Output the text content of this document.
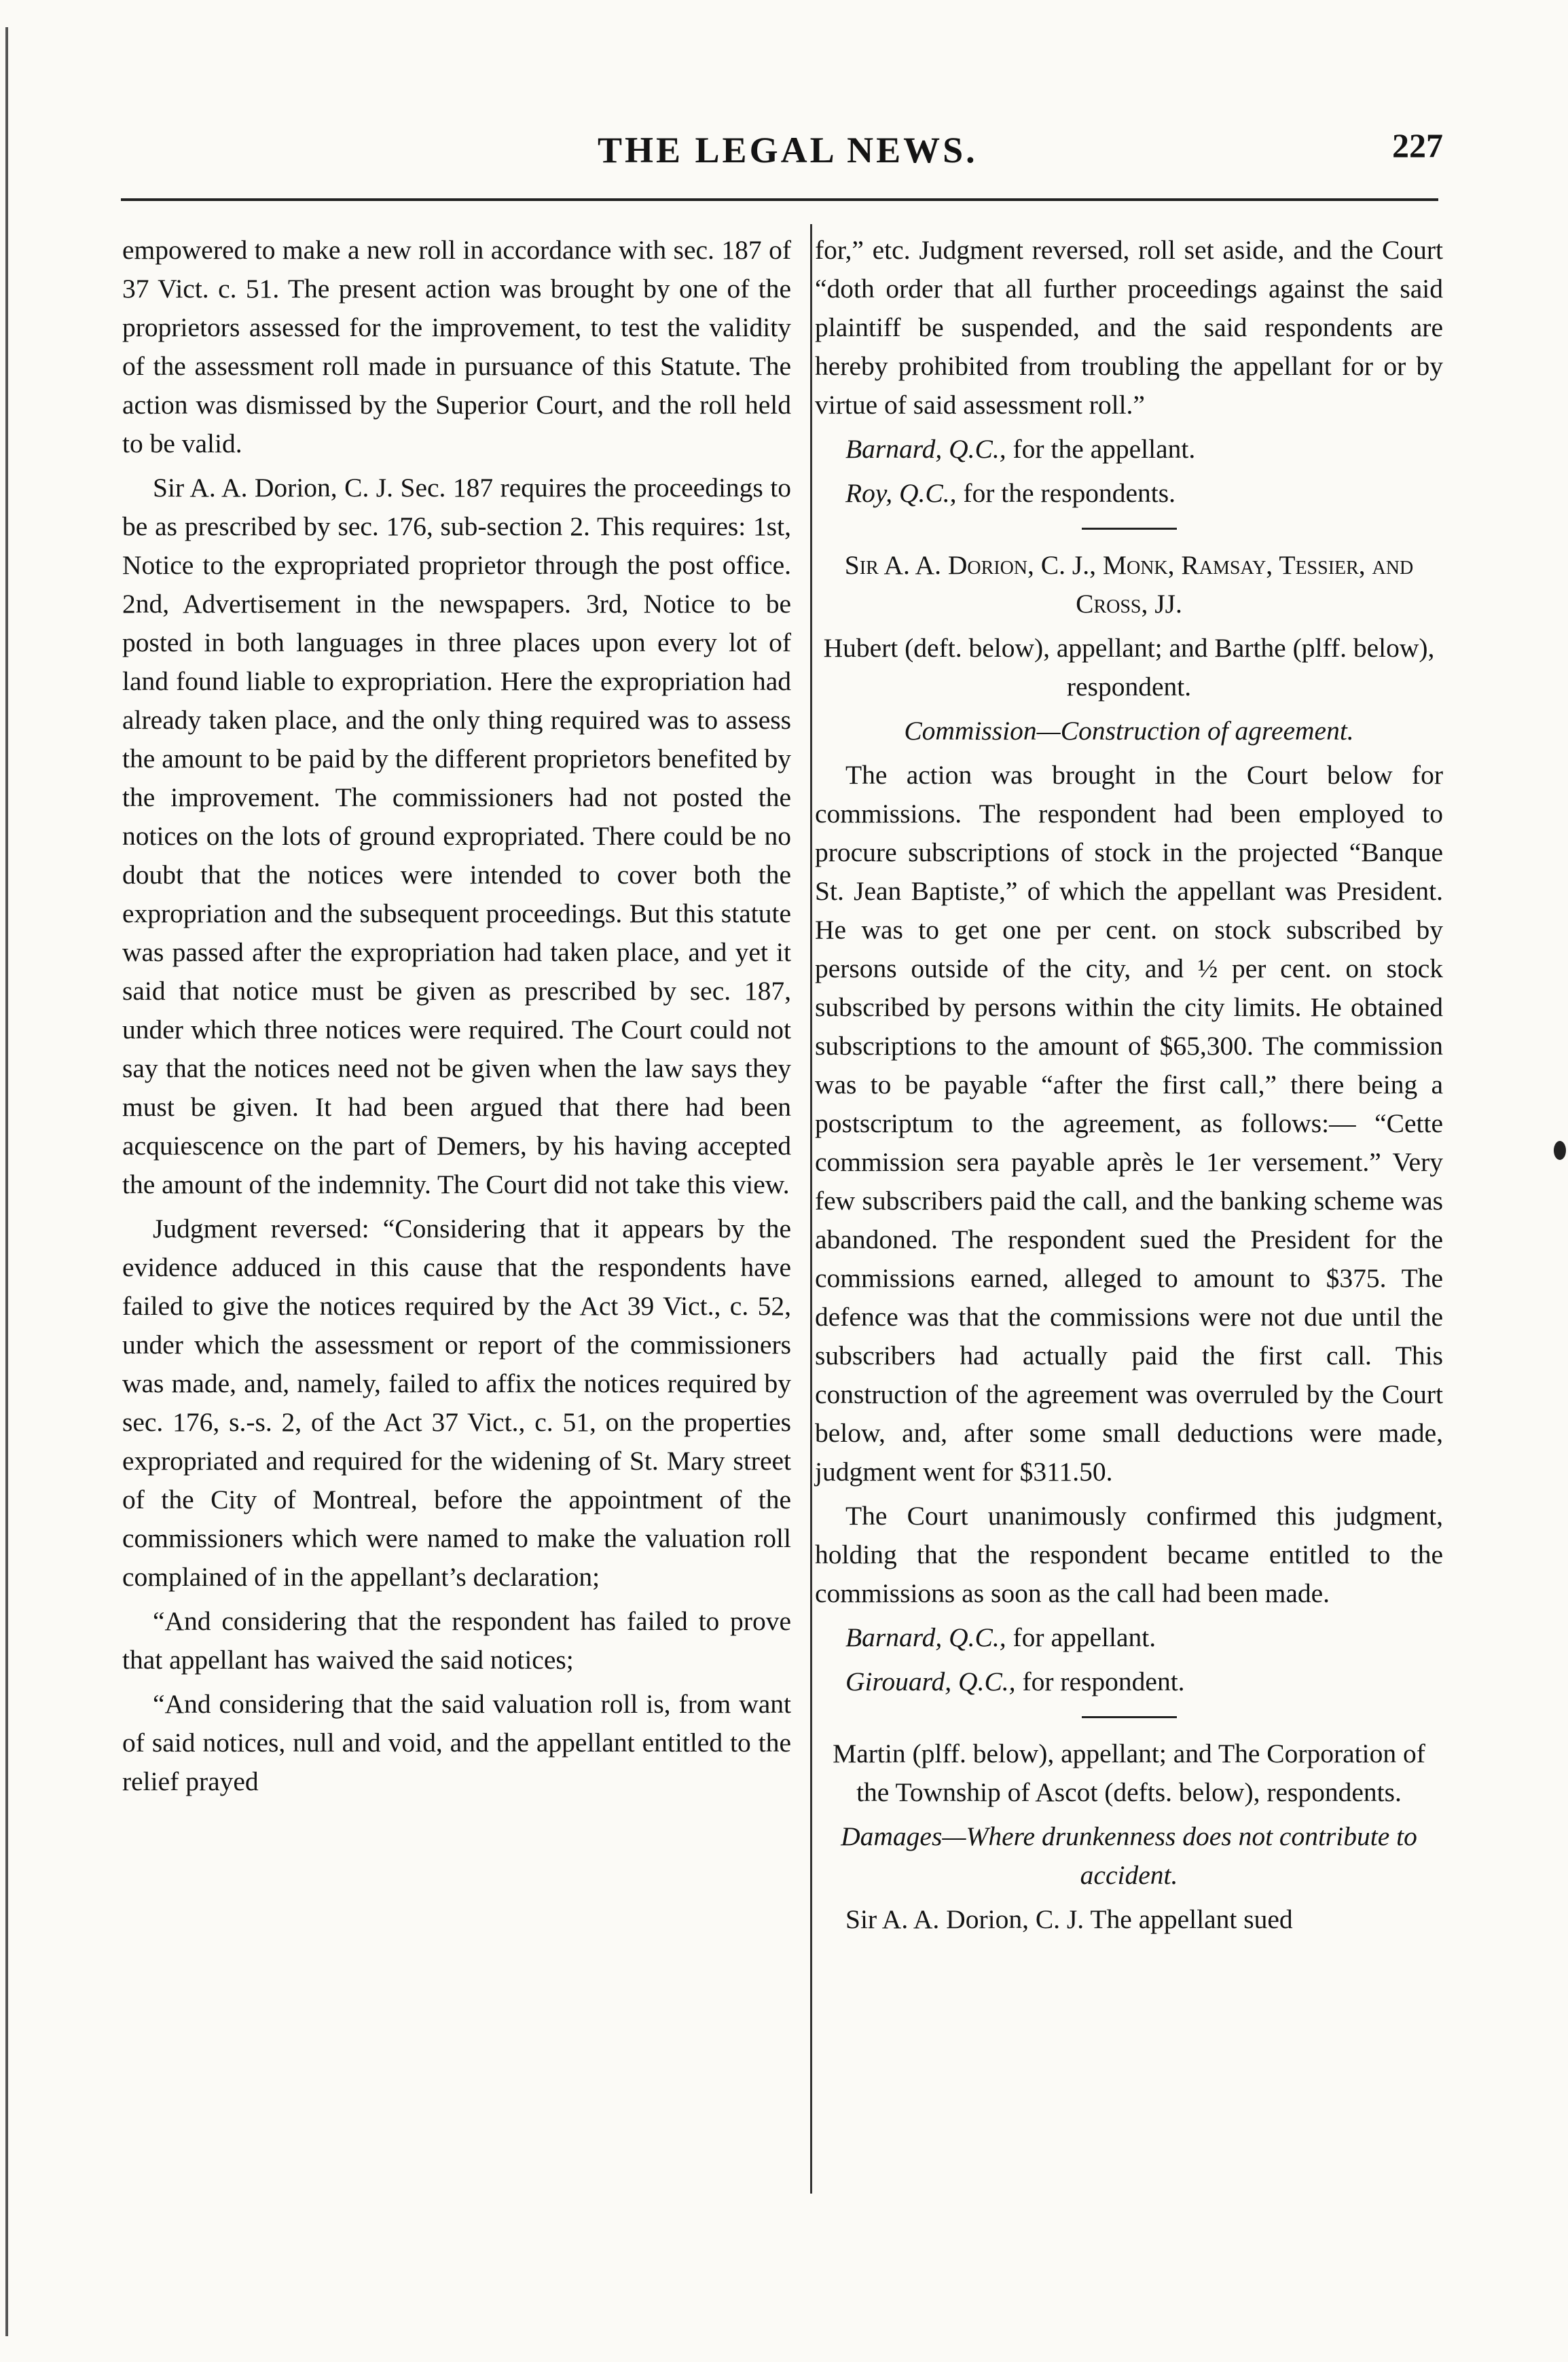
THE LEGAL NEWS.	227

empowered to make a new roll in accordance with sec. 187 of 37 Vict. c. 51. The present action was brought by one of the proprietors assessed for the improvement, to test the validity of the assessment roll made in pursuance of this Statute. The action was dismissed by the Superior Court, and the roll held to be valid.

Sir A. A. Dorion, C. J. Sec. 187 requires the proceedings to be as prescribed by sec. 176, sub-section 2. This requires: 1st, Notice to the expropriated proprietor through the post office. 2nd, Advertisement in the newspapers. 3rd, Notice to be posted in both languages in three places upon every lot of land found liable to expropriation. Here the expropriation had already taken place, and the only thing required was to assess the amount to be paid by the different proprietors benefited by the improvement. The commissioners had not posted the notices on the lots of ground expropriated. There could be no doubt that the notices were intended to cover both the expropriation and the subsequent proceedings. But this statute was passed after the expropriation had taken place, and yet it said that notice must be given as prescribed by sec. 187, under which three notices were required. The Court could not say that the notices need not be given when the law says they must be given. It had been argued that there had been acquiescence on the part of Demers, by his having accepted the amount of the indemnity. The Court did not take this view.

Judgment reversed: “Considering that it appears by the evidence adduced in this cause that the respondents have failed to give the notices required by the Act 39 Vict., c. 52, under which the assessment or report of the commissioners was made, and, namely, failed to affix the notices required by sec. 176, s.-s. 2, of the Act 37 Vict., c. 51, on the properties expropriated and required for the widening of St. Mary street of the City of Montreal, before the appointment of the commissioners which were named to make the valuation roll complained of in the appellant’s declaration;

“And considering that the respondent has failed to prove that appellant has waived the said notices;

“And considering that the said valuation roll is, from want of said notices, null and void, and the appellant entitled to the relief prayed

for,” etc. Judgment reversed, roll set aside, and the Court “doth order that all further proceedings against the said plaintiff be suspended, and the said respondents are hereby prohibited from troubling the appellant for or by virtue of said assessment roll.”

Barnard, Q.C., for the appellant.

Roy, Q.C., for the respondents.

Sir A. A. Dorion, C. J., Monk, Ramsay, Tessier, and Cross, JJ.

Hubert (deft. below), appellant; and Barthe (plff. below), respondent.

Commission—Construction of agreement.

The action was brought in the Court below for commissions. The respondent had been employed to procure subscriptions of stock in the projected “Banque St. Jean Baptiste,” of which the appellant was President. He was to get one per cent. on stock subscribed by persons outside of the city, and ½ per cent. on stock subscribed by persons within the city limits. He obtained subscriptions to the amount of $65,300. The commission was to be payable “after the first call,” there being a postscriptum to the agreement, as follows:— “Cette commission sera payable après le 1er versement.” Very few subscribers paid the call, and the banking scheme was abandoned. The respondent sued the President for the commissions earned, alleged to amount to $375. The defence was that the commissions were not due until the subscribers had actually paid the first call. This construction of the agreement was overruled by the Court below, and, after some small deductions were made, judgment went for $311.50.

The Court unanimously confirmed this judgment, holding that the respondent became entitled to the commissions as soon as the call had been made.

Barnard, Q.C., for appellant.

Girouard, Q.C., for respondent.

Martin (plff. below), appellant; and The Corporation of the Township of Ascot (defts. below), respondents.

Damages—Where drunkenness does not contribute to accident.

Sir A. A. Dorion, C. J. The appellant sued
